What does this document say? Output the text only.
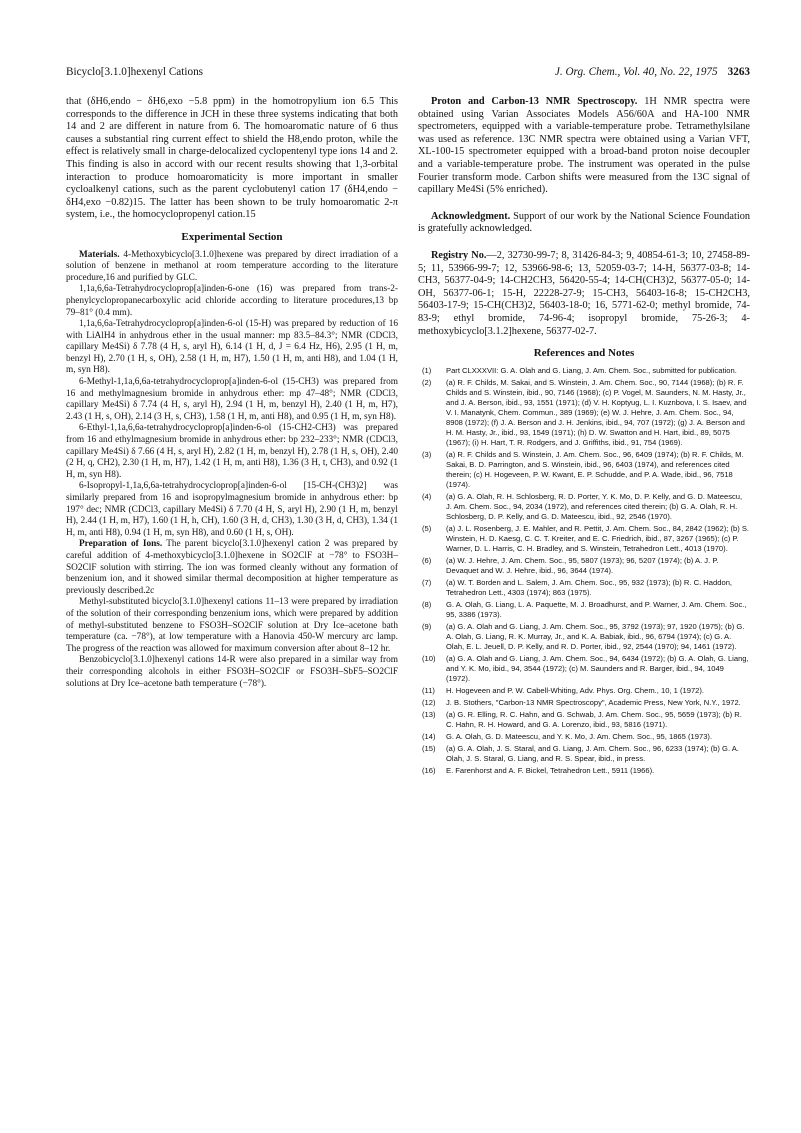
Bicyclo[3.1.0]hexenyl Cations	J. Org. Chem., Vol. 40, No. 22, 1975 3263

that (δH6,endo − δH6,exo −5.8 ppm) in the homotropylium ion 6.5 This corresponds to the difference in JCH in these three systems indicating that both 14 and 2 are different in nature from 6. The homoaromatic nature of 6 thus causes a substantial ring current effect to shield the H8,endo proton, while the effect is relatively small in charge-delocalized cyclopentenyl type ions 14 and 2. This finding is also in accord with our recent results showing that 1,3-orbital interaction to produce homoaromaticity is more important in smaller cycloalkenyl cations, such as the parent cyclobutenyl cation 17 (δH4,endo − δH4,exo −0.82)15. The latter has been shown to be truly homoaromatic 2-π system, i.e., the homocyclopropenyl cation.15

Experimental Section

Materials. 4-Methoxybicyclo[3.1.0]hexene was prepared by direct irradiation of a solution of benzene in methanol at room temperature according to the literature procedure,16 and purified by GLC.

1,1a,6,6a-Tetrahydrocycloprop[a]inden-6-one (16) was prepared from trans-2-phenylcyclopropanecarboxylic acid chloride according to literature procedures,13 bp 79–81° (0.4 mm).

1,1a,6,6a-Tetrahydrocycloprop[a]inden-6-ol (15-H) was prepared by reduction of 16 with LiAlH4 in anhydrous ether in the usual manner: mp 83.5–84.3°; NMR (CDCl3, capillary Me4Si) δ 7.78 (4 H, s, aryl H), 6.14 (1 H, d, J = 6.4 Hz, H6), 2.95 (1 H, m, benzyl H), 2.70 (1 H, s, OH), 2.58 (1 H, m, H7), 1.50 (1 H, m, anti H8), and 1.04 (1 H, m, syn H8).

6-Methyl-1,1a,6,6a-tetrahydrocycloprop[a]inden-6-ol (15-CH3) was prepared from 16 and methylmagnesium bromide in anhydrous ether: mp 47–48°; NMR (CDCl3, capillary Me4Si) δ 7.74 (4 H, s, aryl H), 2.94 (1 H, m, benzyl H), 2.40 (1 H, m, H7), 2.43 (1 H, s, OH), 2.14 (3 H, s, CH3), 1.58 (1 H, m, anti H8), and 0.95 (1 H, m, syn H8).

6-Ethyl-1,1a,6,6a-tetrahydrocycloprop[a]inden-6-ol (15-CH2-CH3) was prepared from 16 and ethylmagnesium bromide in anhydrous ether: bp 232–233°; NMR (CDCl3, capillary Me4Si) δ 7.66 (4 H, s, aryl H), 2.82 (1 H, m, benzyl H), 2.78 (1 H, s, OH), 2.40 (2 H, q, CH2), 2.30 (1 H, m, H7), 1.42 (1 H, m, anti H8), 1.36 (3 H, t, CH3), and 0.92 (1 H, m, syn H8).

6-Isopropyl-1,1a,6,6a-tetrahydrocycloprop[a]inden-6-ol [15-CH-(CH3)2] was similarly prepared from 16 and isopropylmagnesium bromide in anhydrous ether: bp 197° dec; NMR (CDCl3, capillary Me4Si) δ 7.70 (4 H, S, aryl H), 2.90 (1 H, m, benzyl H), 2.44 (1 H, m, H7), 1.60 (1 H, h, CH), 1.60 (3 H, d, CH3), 1.30 (3 H, d, CH3), 1.34 (1 H, m, anti H8), 0.94 (1 H, m, syn H8), and 0.60 (1 H, s, OH).

Preparation of Ions. The parent bicyclo[3.1.0]hexenyl cation 2 was prepared by careful addition of 4-methoxybicyclo[3.1.0]hexene in SO2ClF at −78° to FSO3H–SO2ClF solution with stirring. The ion was formed cleanly without any formation of benzenium ion, and it showed similar thermal decomposition at higher temperature as previously described.2c

Methyl-substituted bicyclo[3.1.0]hexenyl cations 11–13 were prepared by irradiation of the solution of their corresponding benzenium ions, which were prepared by addition of methyl-substituted benzene to FSO3H–SO2ClF solution at Dry Ice–acetone bath temperature (ca. −78°), at low temperature with a Hanovia 450-W mercury arc lamp. The progress of the reaction was allowed for maximum conversion after about 8–12 hr.

Benzobicyclo[3.1.0]hexenyl cations 14-R were also prepared in a similar way from their corresponding alcohols in either FSO3H–SO2ClF or FSO3H–SbF5–SO2ClF solutions at Dry Ice–acetone bath temperature (−78°).

Proton and Carbon-13 NMR Spectroscopy. 1H NMR spectra were obtained using Varian Associates Models A56/60A and HA-100 NMR spectrometers, equipped with a variable-temperature probe. Tetramethylsilane was used as reference. 13C NMR spectra were obtained using a Varian VFT, XL-100-15 spectrometer equipped with a broad-band proton noise decoupler and a variable-temperature probe. The instrument was operated in the pulse Fourier transform mode. Carbon shifts were measured from the 13C signal of capillary Me4Si (5% enriched).

Acknowledgment. Support of our work by the National Science Foundation is gratefully acknowledged.

Registry No.—2, 32730-99-7; 8, 31426-84-3; 9, 40854-61-3; 10, 27458-89-5; 11, 53966-99-7; 12, 53966-98-6; 13, 52059-03-7; 14-H, 56377-03-8; 14-CH3, 56377-04-9; 14-CH2CH3, 56420-55-4; 14-CH(CH3)2, 56377-05-0; 14-OH, 56377-06-1; 15-H, 22228-27-9; 15-CH3, 56403-16-8; 15-CH2CH3, 56403-17-9; 15-CH(CH3)2, 56403-18-0; 16, 5771-62-0; methyl bromide, 74-83-9; ethyl bromide, 74-96-4; isopropyl bromide, 75-26-3; 4-methoxybicyclo[3.1.2]hexene, 56377-02-7.

References and Notes
(1) Part CLXXXVII: G. A. Olah and G. Liang, J. Am. Chem. Soc., submitted for publication.
(2) (a) R. F. Childs, M. Sakai, and S. Winstein, J. Am. Chem. Soc., 90, 7144 (1968); (b) R. F. Childs and S. Winstein, ibid., 90, 7146 (1968); (c) P. Vogel, M. Saunders, N. M. Hasty, Jr., and J. A. Berson, ibid., 93, 1551 (1971); (d) V. H. Koptyug, L. I. Kuznbova, I. S. Isaev, and V. I. Manatynk, Chem. Commun., 389 (1969); (e) W. J. Hehre, J. Am. Chem. Soc., 94, 8908 (1972); (f) J. A. Berson and J. H. Jenkins, ibid., 94, 707 (1972); (g) J. A. Berson and H. M. Hasty, Jr., ibid., 93, 1549 (1971); (h) D. W. Swatton and H. Hart, ibid., 89, 5075 (1967); (i) H. Hart, T. R. Rodgers, and J. Griffiths, ibid., 91, 754 (1969).
(3) (a) R. F. Childs and S. Winstein, J. Am. Chem. Soc., 96, 6409 (1974); (b) R. F. Childs, M. Sakai, B. D. Parrington, and S. Winstein, ibid., 96, 6403 (1974), and references cited therein; (c) H. Hogeveen, P. W. Kwant, E. P. Schudde, and P. A. Wade, ibid., 96, 7518 (1974).
(4) (a) G. A. Olah, R. H. Schlosberg, R. D. Porter, Y. K. Mo, D. P. Kelly, and G. D. Mateescu, J. Am. Chem. Soc., 94, 2034 (1972), and references cited therein; (b) G. A. Olah, R. H. Schlosberg, D. P. Kelly, and G. D. Mateescu, ibid., 92, 2546 (1970).
(5) (a) J. L. Rosenberg, J. E. Mahler, and R. Pettit, J. Am. Chem. Soc., 84, 2842 (1962); (b) S. Winstein, H. D. Kaesg, C. C. T. Kreiter, and E. C. Friedrich, ibid., 87, 3267 (1965); (c) P. Warner, D. L. Harris, C. H. Bradley, and S. Winstein, Tetrahedron Lett., 4013 (1970).
(6) (a) W. J. Hehre, J. Am. Chem. Soc., 95, 5807 (1973); 96, 5207 (1974); (b) A. J. P. Devaquet and W. J. Hehre, ibid., 96, 3644 (1974).
(7) (a) W. T. Borden and L. Salem, J. Am. Chem. Soc., 95, 932 (1973); (b) R. C. Haddon, Tetrahedron Lett., 4303 (1974); 863 (1975).
(8) G. A. Olah, G. Liang, L. A. Paquette, M. J. Broadhurst, and P. Warner, J. Am. Chem. Soc., 95, 3386 (1973).
(9) (a) G. A. Olah and G. Liang, J. Am. Chem. Soc., 95, 3792 (1973); 97, 1920 (1975); (b) G. A. Olah, G. Liang, R. K. Murray, Jr., and K. A. Babiak, ibid., 96, 6794 (1974); (c) G. A. Olah, E. L. Jeuell, D. P. Kelly, and R. D. Porter, ibid., 92, 2544 (1970); 94, 1461 (1972).
(10) (a) G. A. Olah and G. Liang, J. Am. Chem. Soc., 94, 6434 (1972); (b) G. A. Olah, G. Liang, and Y. K. Mo, ibid., 94, 3544 (1972); (c) M. Saunders and R. Barger, ibid., 94, 1049 (1972).
(11) H. Hogeveen and P. W. Cabell-Whiting, Adv. Phys. Org. Chem., 10, 1 (1972).
(12) J. B. Stothers, "Carbon-13 NMR Spectroscopy", Academic Press, New York, N.Y., 1972.
(13) (a) G. R. Elling, R. C. Hahn, and G. Schwab, J. Am. Chem. Soc., 95, 5659 (1973); (b) R. C. Hahn, R. H. Howard, and G. A. Lorenzo, ibid., 93, 5816 (1971).
(14) G. A. Olah, G. D. Mateescu, and Y. K. Mo, J. Am. Chem. Soc., 95, 1865 (1973).
(15) (a) G. A. Olah, J. S. Staral, and G. Liang, J. Am. Chem. Soc., 96, 6233 (1974); (b) G. A. Olah, J. S. Staral, G. Liang, and R. S. Spear, ibid., in press.
(16) E. Farenhorst and A. F. Bickel, Tetrahedron Lett., 5911 (1966).
